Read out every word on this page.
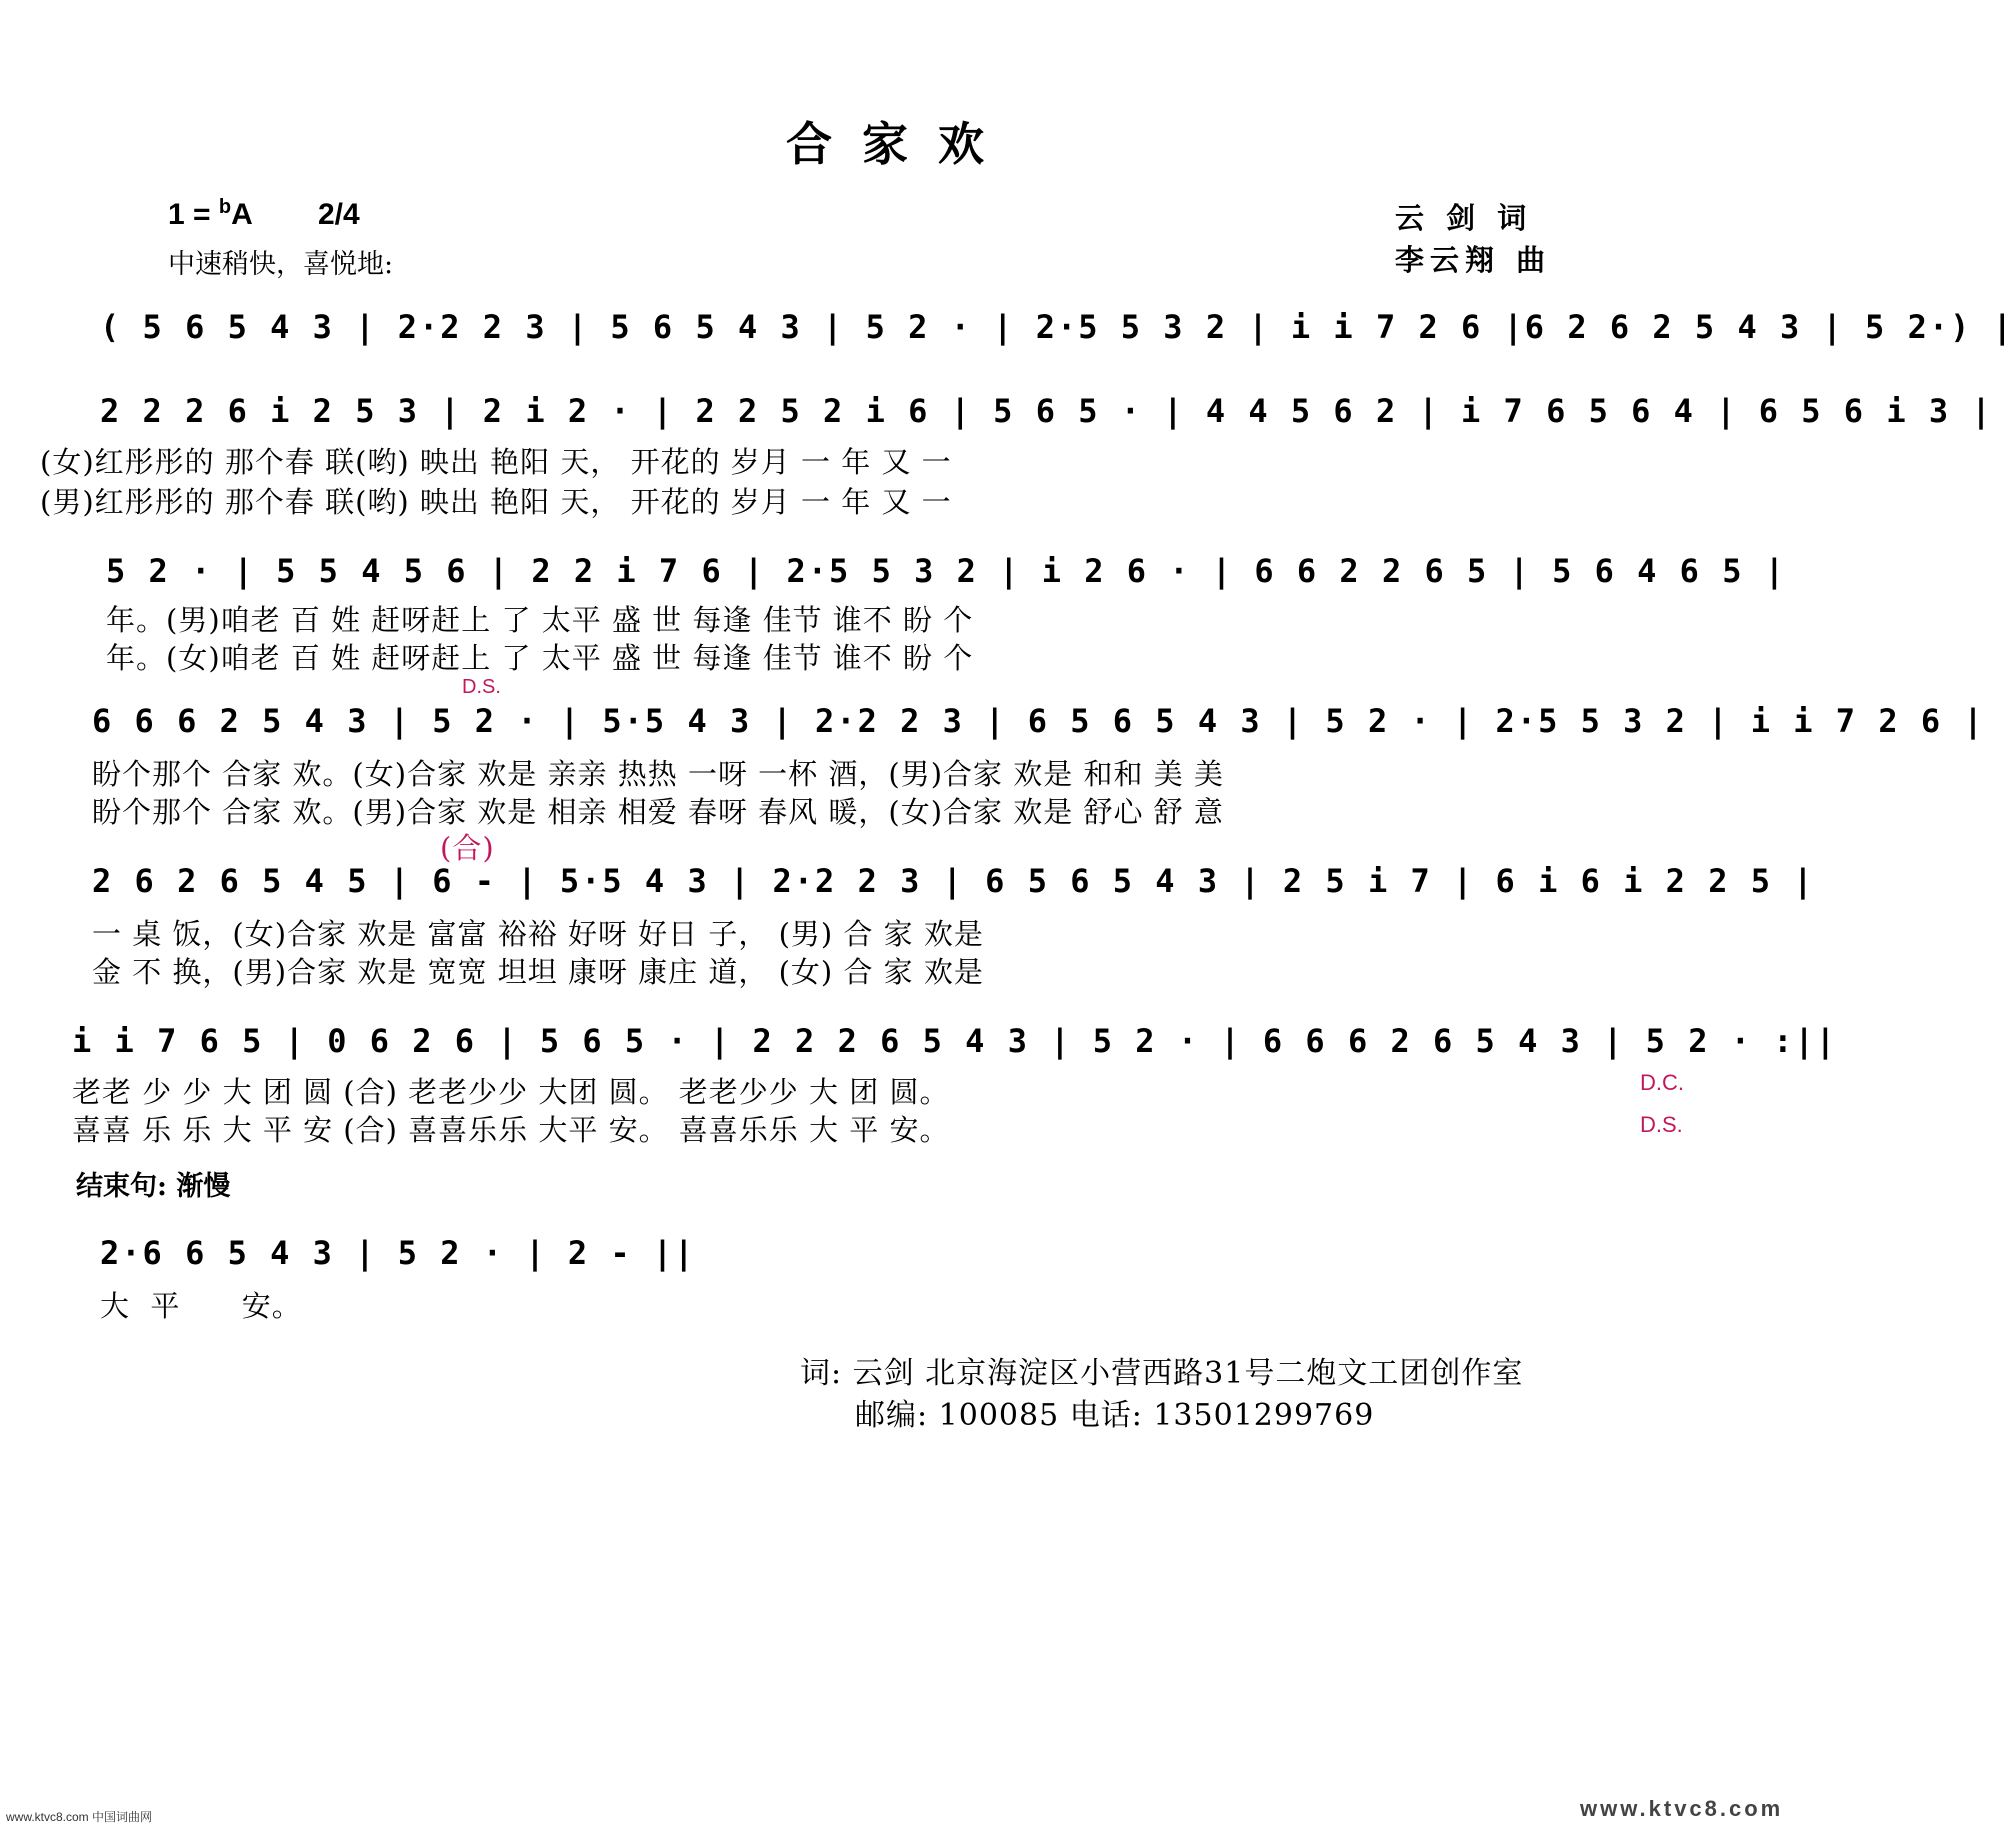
合家欢
1 = $^b$A 2/4
中速稍快，喜悦地:
云 剑 词
李云翔 曲
( 5 6 5 4 3 | 2·2 2 3 | 5 6 5 4 3 | 5 2 · | 2·5 5 3 2 | i i 7 2 6 |6 2 6 2 5 4 3 | 5 2·) |
2 2 2 6 i 2 5 3 | 2 i 2 · | 2 2 5 2 i 6 | 5 6 5 · | 4 4 5 6 2 | i 7 6 5 6 4 | 6 5 6 i 3 |
(女)红彤彤的 那个春 联(哟) 映出 艳阳 天， 开花的 岁月 一 年 又 一
(男)红彤彤的 那个春 联(哟) 映出 艳阳 天， 开花的 岁月 一 年 又 一
5 2 · | 5 5 4 5 6 | 2 2 i 7 6 | 2·5 5 3 2 | i 2 6 · | 6 6 2 2 6 5 | 5 6 4 6 5 |
年。(男)咱老 百 姓 赶呀赶上 了 太平 盛 世 每逢 佳节 谁不 盼 个
年。(女)咱老 百 姓 赶呀赶上 了 太平 盛 世 每逢 佳节 谁不 盼 个
D.S.
6 6 6 2 5 4 3 | 5 2 · | 5·5 4 3 | 2·2 2 3 | 6 5 6 5 4 3 | 5 2 · | 2·5 5 3 2 | i i 7 2 6 |
盼个那个 合家 欢。(女)合家 欢是 亲亲 热热 一呀 一杯 酒，(男)合家 欢是 和和 美 美
盼个那个 合家 欢。(男)合家 欢是 相亲 相爱 春呀 春风 暖，(女)合家 欢是 舒心 舒 意
(合)
2 6 2 6 5 4 5 | 6 - | 5·5 4 3 | 2·2 2 3 | 6 5 6 5 4 3 | 2 5 i 7 | 6 i 6 i 2 2 5 |
一 桌 饭，(女)合家 欢是 富富 裕裕 好呀 好日 子， (男) 合 家 欢是
金 不 换，(男)合家 欢是 宽宽 坦坦 康呀 康庄 道， (女) 合 家 欢是
i i 7 6 5 | 0 6 2 6 | 5 6 5 · | 2 2 2 6 5 4 3 | 5 2 · | 6 6 6 2 6 5 4 3 | 5 2 · :||
老老 少 少 大 团 圆 (合) 老老少少 大团 圆。 老老少少 大 团 圆。
喜喜 乐 乐 大 平 安 (合) 喜喜乐乐 大平 安。 喜喜乐乐 大 平 安。
D.C.
D.S.
结束句: 渐慢
2·6 6 5 4 3 | 5 2 · | 2 - ||
大  平      安。
词: 云剑 北京海淀区小营西路31号二炮文工团创作室
邮编: 100085 电话: 13501299769
www.ktvc8.com 中国词曲网	www.ktvc8.com
